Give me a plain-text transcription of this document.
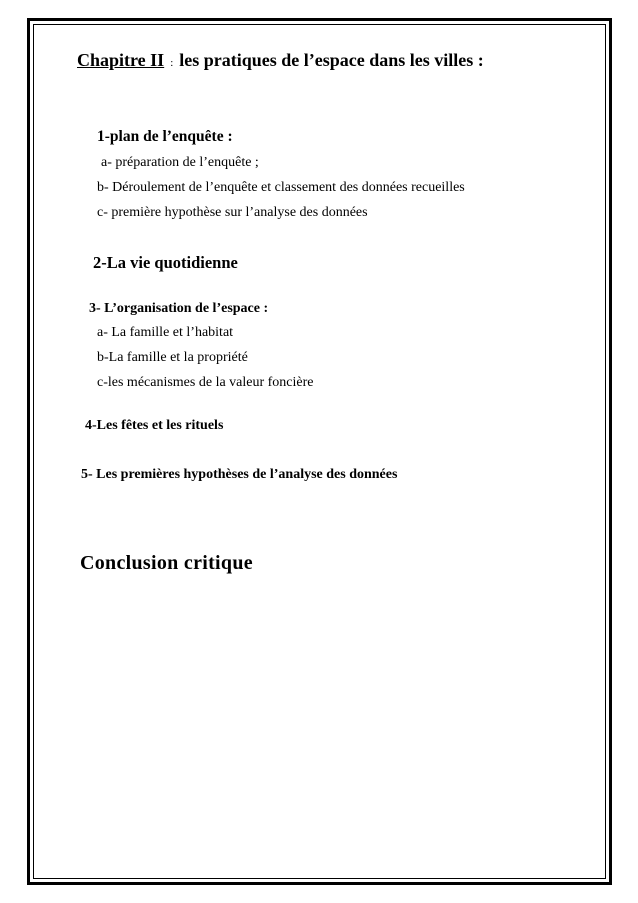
Chapitre II : les pratiques de l’espace dans les villes :
1-plan de l’enquête :
a- préparation de l’enquête ;
b- Déroulement de l’enquête et classement des données recueilles
c- première hypothèse sur l’analyse des données
2-La vie quotidienne
3- L’organisation de l’espace :
a- La famille et l’habitat
b-La famille et la propriété
c-les mécanismes de la valeur foncière
4-Les fêtes et les rituels
5- Les premières hypothèses de l’analyse des données
Conclusion critique
